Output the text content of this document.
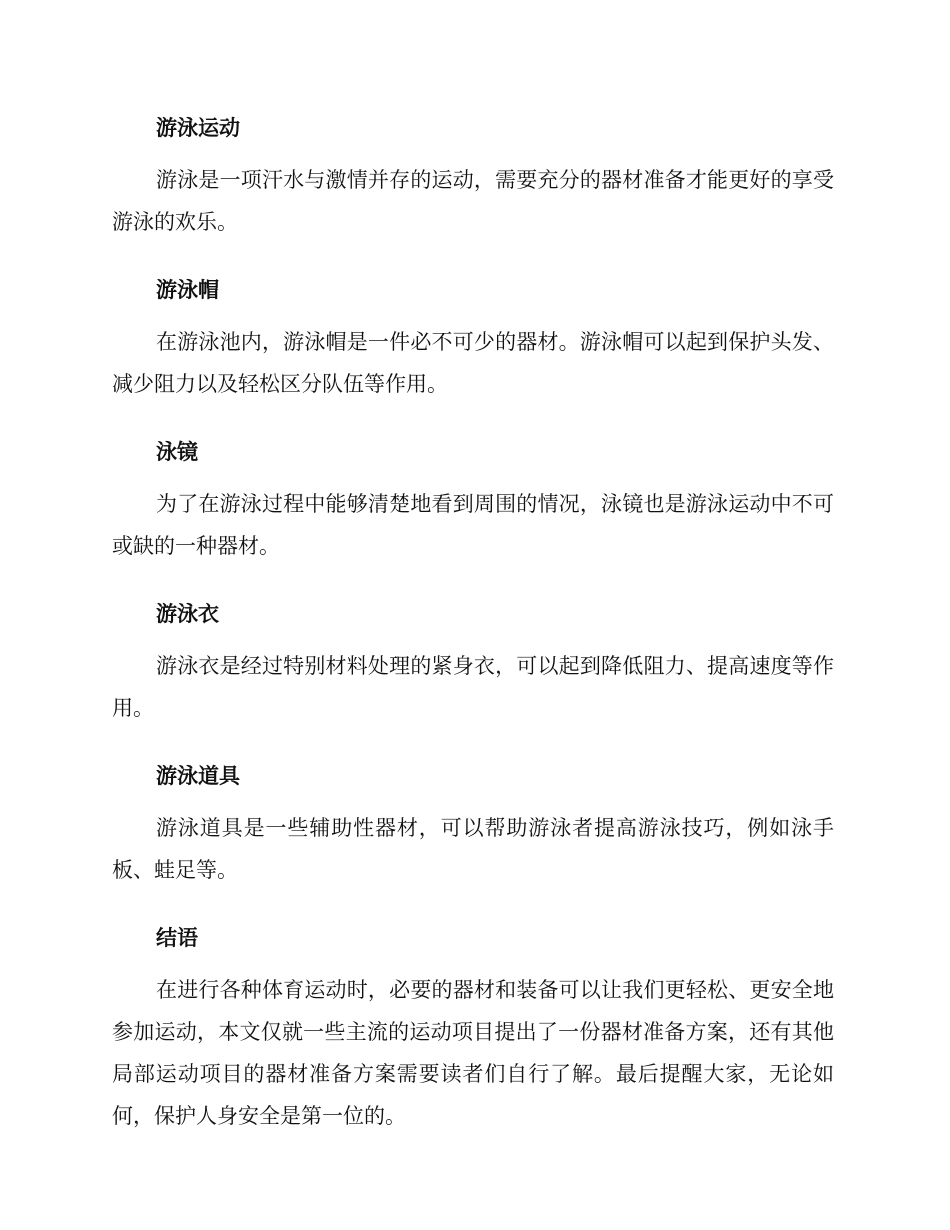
游泳运动

游泳是一项汗水与激情并存的运动，需要充分的器材准备才能更好的享受游泳的欢乐。

游泳帽

在游泳池内，游泳帽是一件必不可少的器材。游泳帽可以起到保护头发、减少阻力以及轻松区分队伍等作用。

泳镜

为了在游泳过程中能够清楚地看到周围的情况，泳镜也是游泳运动中不可或缺的一种器材。

游泳衣

游泳衣是经过特别材料处理的紧身衣，可以起到降低阻力、提高速度等作用。

游泳道具

游泳道具是一些辅助性器材，可以帮助游泳者提高游泳技巧，例如泳手板、蛙足等。

结语

在进行各种体育运动时，必要的器材和装备可以让我们更轻松、更安全地参加运动，本文仅就一些主流的运动项目提出了一份器材准备方案，还有其他局部运动项目的器材准备方案需要读者们自行了解。最后提醒大家，无论如何，保护人身安全是第一位的。
